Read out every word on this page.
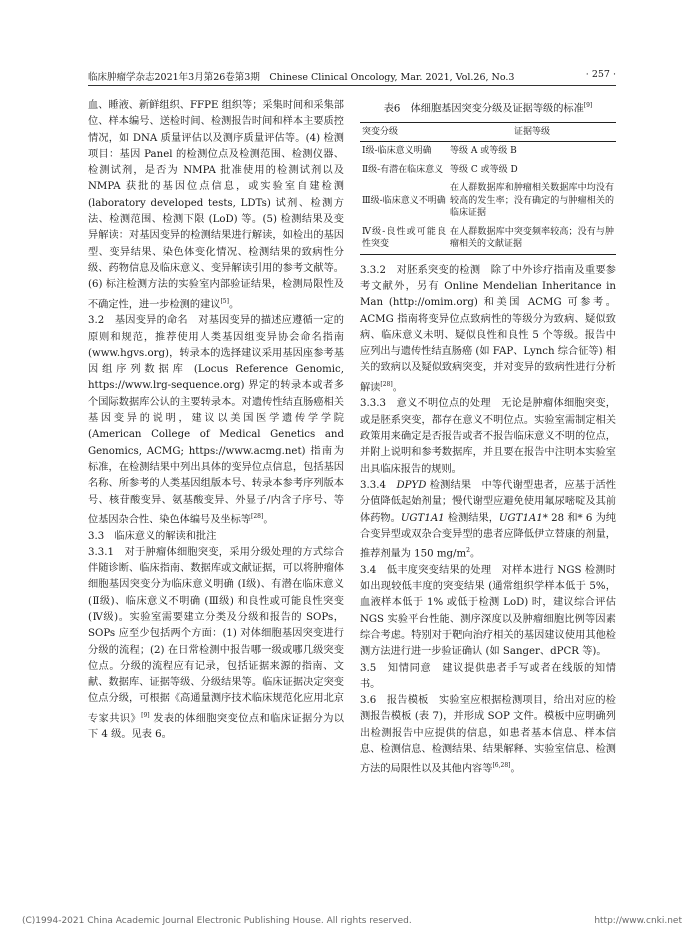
临床肿瘤学杂志2021年3月第26卷第3期　Chinese Clinical Oncology, Mar. 2021, Vol.26, No.3	· 257 ·

血、睡液、新鲜组织、FFPE 组织等；采集时间和采集部位、样本编号、送检时间、检测报告时间和样本主要质控情况，如 DNA 质量评估以及测序质量评估等。(4) 检测项目：基因 Panel 的检测位点及检测范围、检测仪器、检测试剂，是否为 NMPA 批准使用的检测试剂以及 NMPA 获批的基因位点信息，或实验室自建检测 (laboratory developed tests, LDTs) 试剂、检测方法、检测范围、检测下限 (LoD) 等。(5) 检测结果及变异解读：对基因变异的检测结果进行解读，如检出的基因型、变异结果、染色体变化情况、检测结果的致病性分级、药物信息及临床意义、变异解读引用的参考文献等。(6) 标注检测方法的实验室内部验证结果，检测局限性及不确定性，进一步检测的建议[5]。

3.2　基因变异的命名　对基因变异的描述应遵循一定的原则和规范，推荐使用人类基因组变异协会命名指南 (www.hgvs.org)，转录本的选择建议采用基因座参考基因组序列数据库 (Locus Reference Genomic, https://www.lrg-sequence.org) 界定的转录本或者多个国际数据库公认的主要转录本。对遗传性结直肠癌相关基因变异的说明，建议以美国医学遗传学学院 (American College of Medical Genetics and Genomics, ACMG; https://www.acmg.net) 指南为标准，在检测结果中列出具体的变异位点信息，包括基因名称、所参考的人类基因组版本号、转录本参考序列版本号、核苷酸变异、氨基酸变异、外显子/内含子序号、等位基因杂合性、染色体编号及坐标等[28]。

3.3　临床意义的解读和批注

3.3.1　对于肿瘤体细胞突变，采用分级处理的方式综合伴随诊断、临床指南、数据库或文献证据，可以将肿瘤体细胞基因突变分为临床意义明确 (Ⅰ级)、有潜在临床意义 (Ⅱ级)、临床意义不明确 (Ⅲ级) 和良性或可能良性突变 (Ⅳ级)。实验室需要建立分类及分级和报告的 SOPs，SOPs 应至少包括两个方面：(1) 对体细胞基因突变进行分级的流程；(2) 在日常检测中报告哪一级或哪几级突变位点。分级的流程应有记录，包括证据来源的指南、文献、数据库、证据等级、分级结果等。临床证据决定突变位点分级，可根据《高通量测序技术临床规范化应用北京专家共识》[9] 发表的体细胞突变位点和临床证据分为以下 4 级。见表 6。

表6　体细胞基因突变分级及证据等级的标准[9]
突变分级	证据等级
Ⅰ级-临床意义明确	等级 A 或等级 B
Ⅱ级-有潜在临床意义	等级 C 或等级 D
Ⅲ级-临床意义不明确	在人群数据库和肿瘤相关数据库中均没有较高的发生率；没有确定的与肿瘤相关的临床证据
Ⅳ级-良性或可能良性突变	在人群数据库中突变频率较高；没有与肿瘤相关的文献证据

3.3.2　对胚系突变的检测　除了中外诊疗指南及重要参考文献外，另有 Online Mendelian Inheritance in Man (http://omim.org) 和美国 ACMG 可参考。ACMG 指南将变异位点致病性的等级分为致病、疑似致病、临床意义未明、疑似良性和良性 5 个等级。报告中应列出与遗传性结直肠癌 (如 FAP、Lynch 综合征等) 相关的致病以及疑似致病突变，并对变异的致病性进行分析解读[28]。

3.3.3　意义不明位点的处理　无论是肿瘤体细胞突变，或是胚系突变，都存在意义不明位点。实验室需制定相关政策用来确定是否报告或者不报告临床意义不明的位点，并附上说明和参考数据库，并且要在报告中注明本实验室出具临床报告的规则。

3.3.4　DPYD 检测结果　中等代谢型患者，应基于活性分值降低起始剂量；慢代谢型应避免使用氟尿嘧啶及其前体药物。UGT1A1 检测结果，UGT1A1* 28 和* 6 为纯合变异型或双杂合变异型的患者应降低伊立替康的剂量，推荐剂量为 150 $mg/m^2$。

3.4　低丰度突变结果的处理　对样本进行 NGS 检测时如出现较低丰度的突变结果 (通常组织学样本低于 5%，血液样本低于 1% 或低于检测 LoD) 时，建议综合评估 NGS 实验平台性能、测序深度以及肿瘤细胞比例等因素综合考虑。特别对于靶向治疗相关的基因建议使用其他检测方法进行进一步验证确认 (如 Sanger、dPCR 等)。

3.5　知情同意　建议提供患者手写或者在线版的知情书。

3.6　报告模板　实验室应根据检测项目，给出对应的检测报告模板 (表 7)，并形成 SOP 文件。模板中应明确列出检测报告中应提供的信息，如患者基本信息、样本信息、检测信息、检测结果、结果解释、实验室信息、检测方法的局限性以及其他内容等[6,28]。

(C)1994-2021 China Academic Journal Electronic Publishing House. All rights reserved.	http://www.cnki.net
